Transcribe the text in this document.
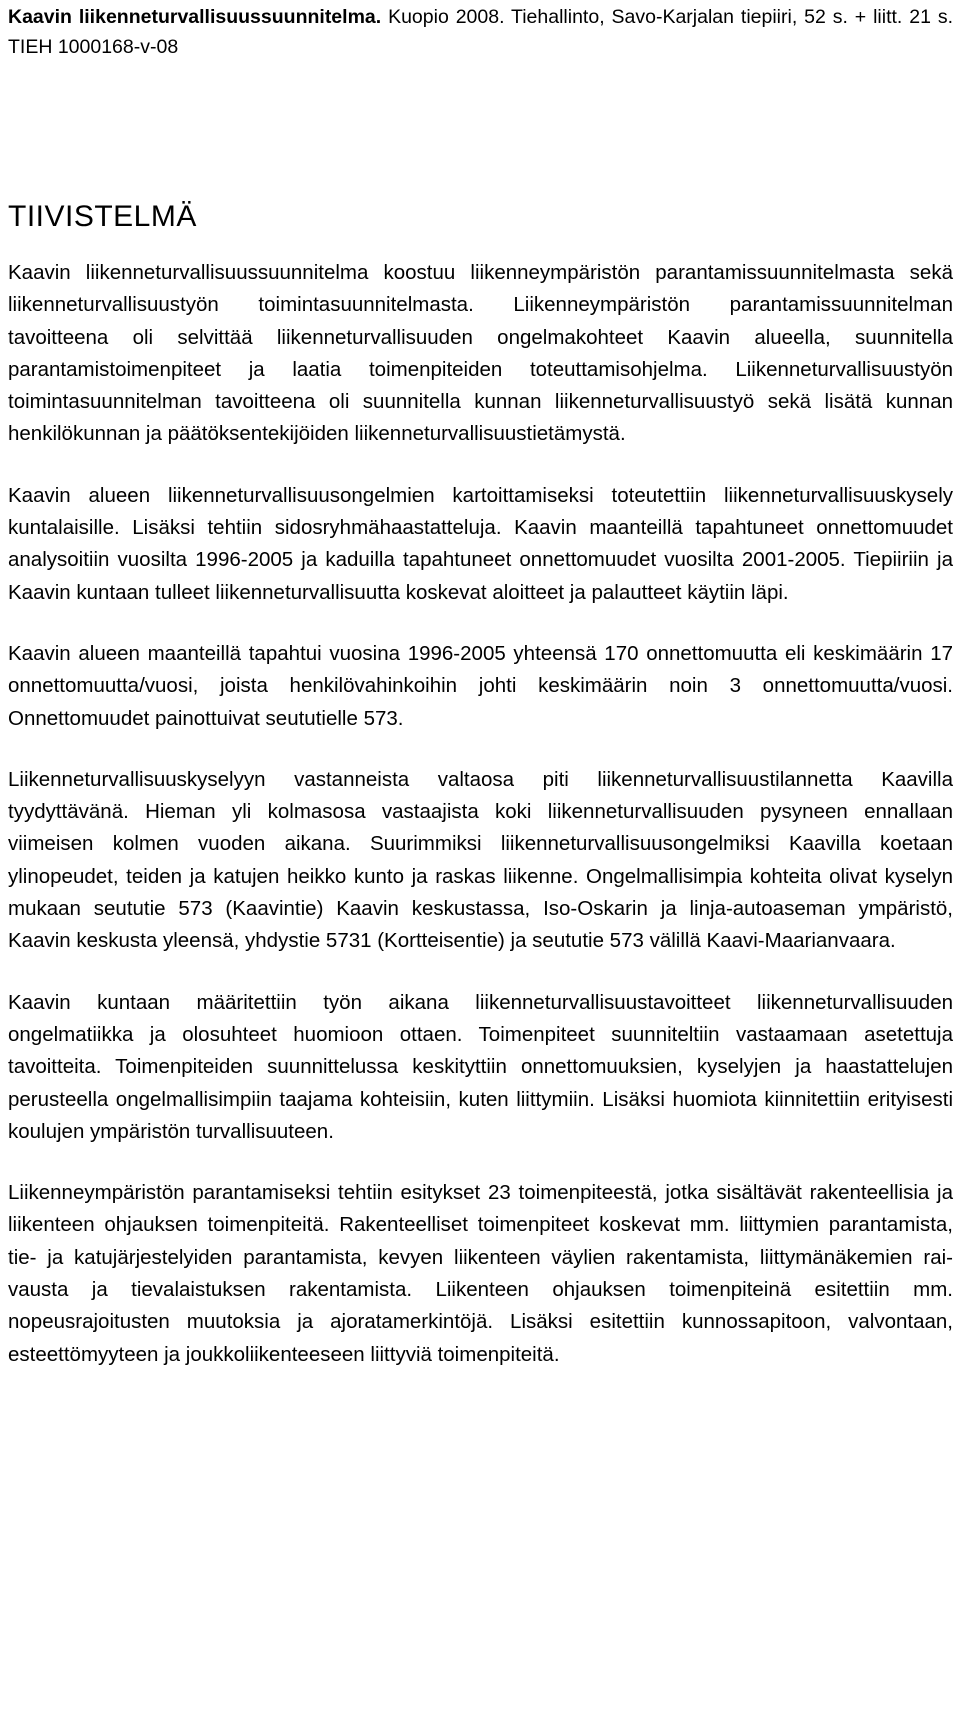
Kaavin liikenneturvallisuussuunnitelma. Kuopio 2008. Tiehallinto, Savo-Karjalan tiepiiri, 52 s. + liitt. 21 s. TIEH 1000168-v-08

TIIVISTELMÄ

Kaavin liikenneturvallisuussuunnitelma koostuu liikenneympäristön parantamissuunnitelmasta sekä liikenneturvallisuustyön toimintasuunnitelmasta. Liikenneympäristön parantamissuunnitelman tavoitteena oli selvittää liikenneturvallisuuden ongelmakohteet Kaavin alueella, suunnitella parantamistoimenpiteet ja laatia toimenpiteiden toteuttamisohjelma. Liikenneturvallisuustyön toimintasuunnitelman tavoitteena oli suunnitella kunnan liikenneturvallisuustyö sekä lisätä kunnan henkilökunnan ja päätöksentekijöiden liikenneturvallisuustietämystä.

Kaavin alueen liikenneturvallisuusongelmien kartoittamiseksi toteutettiin liikenneturvallisuuskysely kuntalaisille. Lisäksi tehtiin sidosryhmähaastatteluja. Kaavin maanteillä tapahtuneet onnettomuudet analysoitiin vuosilta 1996-2005 ja kaduilla tapahtuneet onnettomuudet vuosilta 2001-2005. Tiepiiriin ja Kaavin kuntaan tulleet liikenneturvallisuutta koskevat aloitteet ja palautteet käytiin läpi.

Kaavin alueen maanteillä tapahtui vuosina 1996-2005 yhteensä 170 onnettomuutta eli keskimäärin 17 onnettomuutta/vuosi, joista henkilövahinkoihin johti keskimäärin noin 3 onnettomuutta/vuosi. Onnettomuudet painottuivat seututielle 573.

Liikenneturvallisuuskyselyyn vastanneista valtaosa piti liikenneturvallisuustilannetta Kaavilla tyydyttävänä. Hieman yli kolmasosa vastaajista koki liikenneturvallisuuden pysyneen ennallaan viimeisen kolmen vuoden aikana. Suurimmiksi liikenneturvallisuusongelmiksi Kaavilla koetaan ylinopeudet, teiden ja katujen heikko kunto ja raskas liikenne. Ongelmallisimpia kohteita olivat kyselyn mukaan seututie 573 (Kaavintie) Kaavin keskustassa, Iso-Oskarin ja linja-autoaseman ympäristö, Kaavin keskusta yleensä, yhdystie 5731 (Kortteisentie) ja seututie 573 välillä Kaavi-Maarianvaara.

Kaavin kuntaan määritettiin työn aikana liikenneturvallisuustavoitteet liikenneturvallisuuden ongelmatiikka ja olosuhteet huomioon ottaen. Toimenpiteet suunniteltiin vastaamaan asetettuja tavoitteita. Toimenpiteiden suunnittelussa keskityttiin onnettomuuksien, kyselyjen ja haastattelujen perusteella ongelmallisimpiin taajama kohteisiin, kuten liittymiin. Lisäksi huomiota kiinnitettiin erityisesti koulujen ympäristön turvallisuuteen.

Liikenneympäristön parantamiseksi tehtiin esitykset 23 toimenpiteestä, jotka sisältävät rakenteellisia ja liikenteen ohjauksen toimenpiteitä. Rakenteelliset toimenpiteet koskevat mm. liittymien parantamista, tie- ja katujärjestelyiden parantamista, kevyen liikenteen väylien rakentamista, liittymänäkemien raivausta ja tievalaistuksen rakentamista. Liikenteen ohjauksen toimenpiteinä esitettiin mm. nopeusrajoitusten muutoksia ja ajoratamerkintöjä. Lisäksi esitettiin kunnossapitoon, valvontaan, esteettömyyteen ja joukkoliikenteeseen liittyviä toimenpiteitä.
